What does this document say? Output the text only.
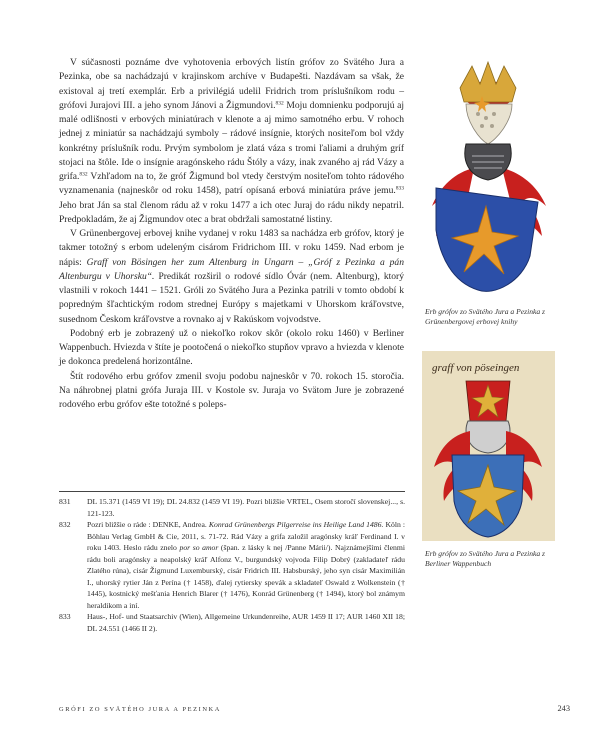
V súčasnosti poznáme dve vyhotovenia erbových listín grófov zo Svätého Jura a Pezinka, obe sa nachádzajú v krajinskom archíve v Budapešti. Nazdávam sa však, že existoval aj tretí exemplár. Erb a privilégiá udelil Fridrich trom príslušníkom rodu – grófovi Jurajovi III. a jeho synom Jánovi a Žigmundovi.$^{832}$ Moju domnienku podporujú aj malé odlišnosti v erbových miniatúrach v klenote a aj mimo samotného erbu. V rohoch jednej z miniatúr sa nachádzajú symboly – rádové insígnie, ktorých nositeľom bol vždy konkrétny príslušník rodu. Prvým symbolom je zlatá váza s tromi ľaliami a druhým gríf stojaci na štôle. Ide o insígnie aragónskeho rádu Štóly a vázy, inak zvaného aj rád Vázy a grifa.$^{832}$ Vzhľadom na to, že gróf Žigmund bol vtedy čerstvým nositeľom tohto rádového vyznamenania (najneskôr od roku 1458), patrí opísaná erbová miniatúra práve jemu.$^{833}$ Jeho brat Ján sa stal členom rádu až v roku 1477 a ich otec Juraj do rádu nikdy nepatril. Predpokladám, že aj Žigmundov otec a brat obdržali samostatné listiny.

V Grünenbergovej erbovej knihe vydanej v roku 1483 sa nachádza erb grófov, ktorý je takmer totožný s erbom udeleným cisárom Fridrichom III. v roku 1459. Nad erbom je nápis: Graff von Bösingen her zum Altenburg in Ungarn – „Gróf z Pezinka a pán Altenburgu v Uhorsku“. Predikát rozširil o rodové sídlo Óvár (nem. Altenburg), ktorý vlastnili v rokoch 1441 – 1521. Gróli zo Svätého Jura a Pezinka patrili v tomto období k popredným šľachtickým rodom strednej Európy s majetkami v Uhorskom kráľovstve, susednom Českom kráľovstve a rovnako aj v Rakúskom vojvodstve.

Podobný erb je zobrazený už o niekoľko rokov skôr (okolo roku 1460) v Berliner Wappenbuch. Hviezda v štíte je pootočená o niekoľko stupňov vpravo a hviezda v klenote je dokonca predelená horizontálne.

Štít rodového erbu grófov zmenil svoju podobu najneskôr v 70. rokoch 15. storočia. Na náhrobnej platni grófa Juraja III. v Kostole sv. Juraja vo Svätom Jure je zobrazené rodového erbu grófov ešte totožné s poleps-

831	DL 15.371 (1459 VI 19); DL 24.832 (1459 VI 19). Pozri bližšie VRTEL, Osem storočí slovenskej..., s. 121-123.
832	Pozri bližšie o ráde : DENKE, Andrea. Konrad Grünenbergs Pilgerreise ins Heilige Land 1486. Köln : Böhlau Verlag GmbH & Cie, 2011, s. 71-72. Rád Vázy a grifa založil aragónsky kráľ Ferdinand I. v roku 1403. Heslo rádu znelo por so amor (špan. z lásky k nej /Panne Márii/). Najznámejšími členmi rádu boli aragónsky a neapolský kráľ Alfonz V., burgundský vojvoda Filip Dobrý (zakladateľ rádu Zlatého rúna), cisár Žigmund Luxemburský, cisár Fridrich III. Habsburský, jeho syn cisár Maximilián I., uhorský rytier Ján z Perína († 1458), ďalej rytiersky spevák a skladateľ Oswald z Wolkenstein († 1445), kostnický mešťania Henrich Blarer († 1476), Konrád Grünenberg († 1494), ktorý bol známym heraldikom a iní.
833	Haus-, Hof- und Staatsarchiv (Wien), Allgemeine Urkundenreihe, AUR 1459 II 17; AUR 1460 XII 18; DL 24.551 (1466 II 2).
Erb grófov zo Svätého Jura a Pezinka z Grünenbergovej erbovej knihy
graff von pöseingen
Erb grófov zo Svätého Jura a Pezinka z Berliner Wappenbuch
GRÓFI ZO SVÄTÉHO JURA A PEZINKA	243
